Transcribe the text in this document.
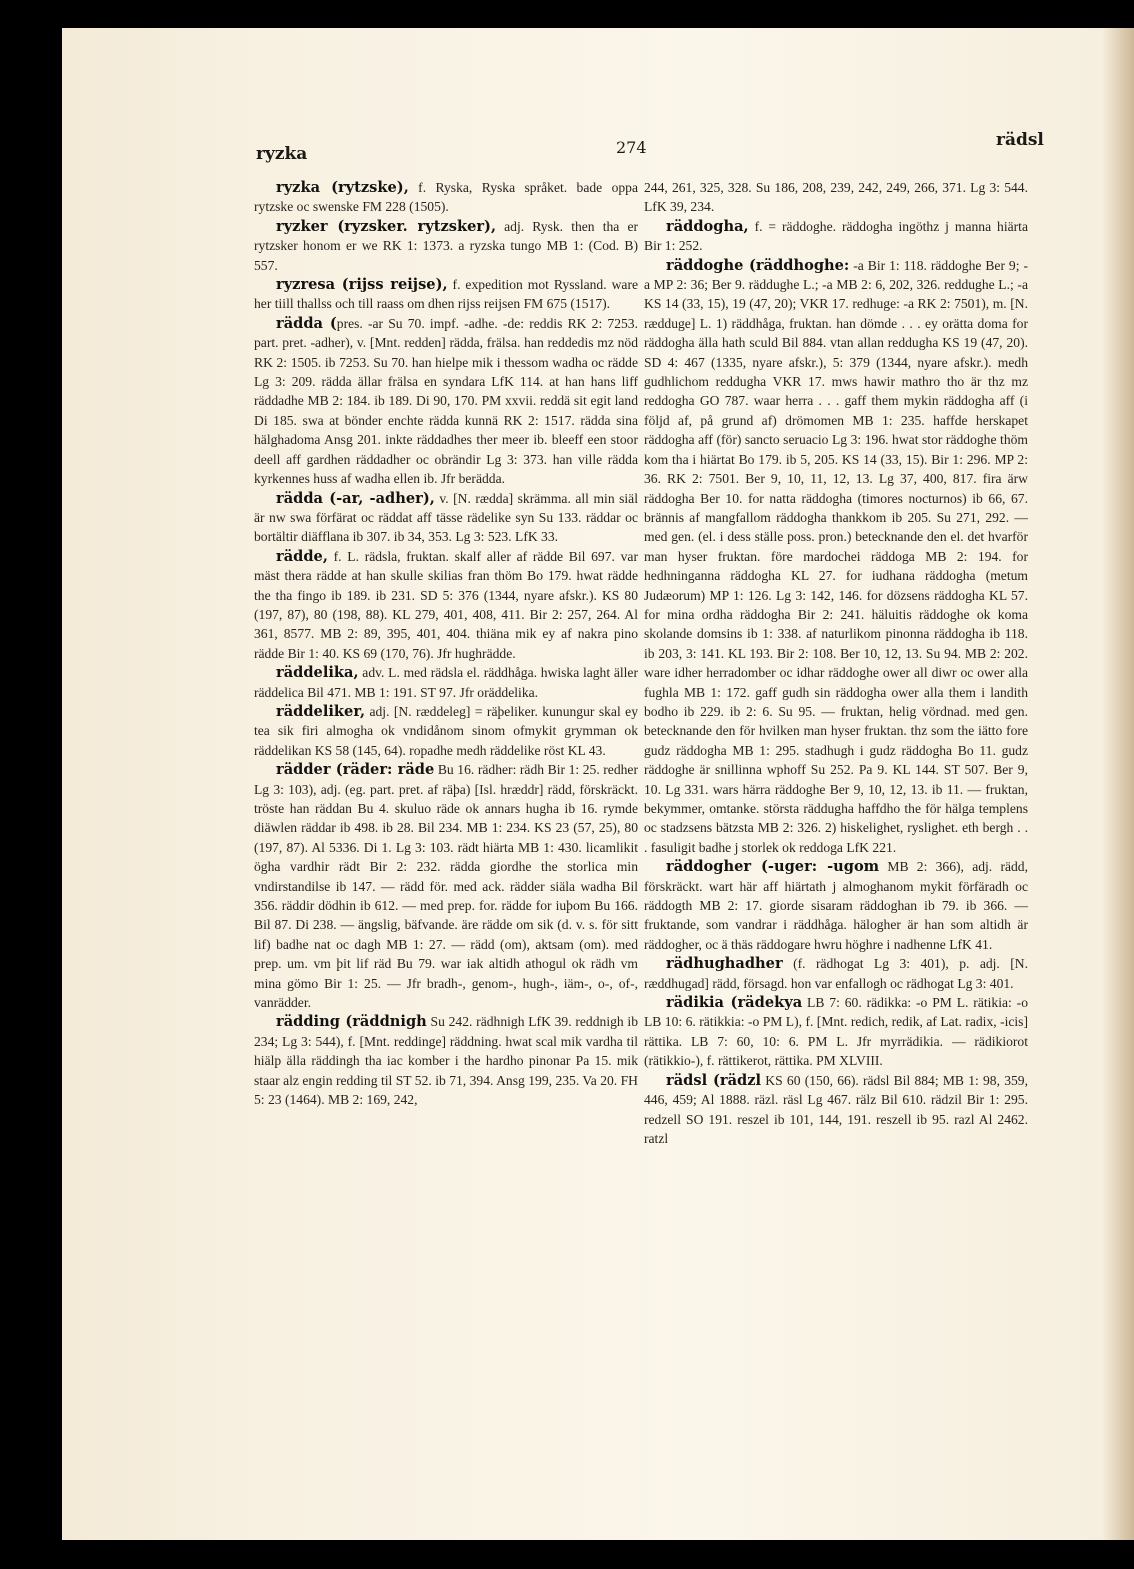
ryzka	274	rädsl

ryzka (rytzske), f. Ryska, Ryska språket. bade oppa rytzske oc swenske FM 228 (1505).

ryzker (ryzsker. rytzsker), adj. Rysk. then tha er rytzsker honom er we RK 1: 1373. a ryzska tungo MB 1: (Cod. B) 557.

ryzresa (rijss reijse), f. expedition mot Ryssland. ware her tiill thallss och till raass om dhen rijss reijsen FM 675 (1517).

rädda (pres. -ar Su 70. impf. -adhe. -de: reddis RK 2: 7253. part. pret. -adher), v. [Mnt. redden] rädda, frälsa. han reddedis mz nöd RK 2: 1505. ib 7253. Su 70. han hielpe mik i thessom wadha oc rädde Lg 3: 209. rädda ällar frälsa en syndara LfK 114. at han hans liff räddadhe MB 2: 184. ib 189. Di 90, 170. PM xxvii. reddä sit egit land Di 185. swa at bönder enchte rädda kunnä RK 2: 1517. rädda sina hälghadoma Ansg 201. inkte räddadhes ther meer ib. bleeff een stoor deell aff gardhen räddadher oc obrändir Lg 3: 373. han ville rädda kyrkennes huss af wadha ellen ib. Jfr berädda.

rädda (-ar, -adher), v. [N. rædda] skrämma. all min siäl är nw swa förfärat oc räddat aff tässe rädelike syn Su 133. räddar oc bortältir diäfflana ib 307. ib 34, 353. Lg 3: 523. LfK 33.

rädde, f. L. rädsla, fruktan. skalf aller af rädde Bil 697. var mäst thera rädde at han skulle skilias fran thöm Bo 179. hwat rädde the tha fingo ib 189. ib 231. SD 5: 376 (1344, nyare afskr.). KS 80 (197, 87), 80 (198, 88). KL 279, 401, 408, 411. Bir 2: 257, 264. Al 361, 8577. MB 2: 89, 395, 401, 404. thiäna mik ey af nakra pino rädde Bir 1: 40. KS 69 (170, 76). Jfr hughrädde.

räddelika, adv. L. med rädsla el. räddhåga. hwiska laght äller räddelica Bil 471. MB 1: 191. ST 97. Jfr oräddelika.

räddeliker, adj. [N. ræddeleg] = räþeliker. kunungur skal ey tea sik firi almogha ok vndidånom sinom ofmykit grymman ok räddelikan KS 58 (145, 64). ropadhe medh räddelike röst KL 43.

rädder (räder: räde Bu 16. rädher: rädh Bir 1: 25. redher Lg 3: 103), adj. (eg. part. pret. af räþa) [Isl. hræddr] rädd, förskräckt. tröste han räddan Bu 4. skuluo räde ok annars hugha ib 16. rymde diäwlen räddar ib 498. ib 28. Bil 234. MB 1: 234. KS 23 (57, 25), 80 (197, 87). Al 5336. Di 1. Lg 3: 103. rädt hiärta MB 1: 430. licamlikit ögha vardhir rädt Bir 2: 232. rädda giordhe the storlica min vndirstandilse ib 147. — rädd för. med ack. rädder siäla wadha Bil 356. räddir dödhin ib 612. — med prep. for. rädde for iuþom Bu 166. Bil 87. Di 238. — ängslig, bäfvande. äre rädde om sik (d. v. s. för sitt lif) badhe nat oc dagh MB 1: 27. — rädd (om), aktsam (om). med prep. um. vm þit lif räd Bu 79. war iak altidh athogul ok rädh vm mina gömo Bir 1: 25. — Jfr bradh-, genom-, hugh-, iäm-, o-, of-, vanrädder.

rädding (räddnigh Su 242. rädhnigh LfK 39. reddnigh ib 234; Lg 3: 544), f. [Mnt. reddinge] räddning. hwat scal mik vardha til hiälp älla räddingh tha iac komber i the hardho pinonar Pa 15. mik staar alz engin redding til ST 52. ib 71, 394. Ansg 199, 235. Va 20. FH 5: 23 (1464). MB 2: 169, 242,

244, 261, 325, 328. Su 186, 208, 239, 242, 249, 266, 371. Lg 3: 544. LfK 39, 234.

räddogha, f. = räddoghe. räddogha ingöthz j manna hiärta Bir 1: 252.

räddoghe (räddhoghe: -a Bir 1: 118. räddoghe Ber 9; -a MP 2: 36; Ber 9. räddughe L.; -a MB 2: 6, 202, 326. reddughe L.; -a KS 14 (33, 15), 19 (47, 20); VKR 17. redhuge: -a RK 2: 7501), m. [N. rædduge] L. 1) räddhåga, fruktan. han dömde . . . ey orätta doma for räddogha älla hath sculd Bil 884. vtan allan reddugha KS 19 (47, 20). SD 4: 467 (1335, nyare afskr.), 5: 379 (1344, nyare afskr.). medh gudhlichom reddugha VKR 17. mws hawir mathro tho är thz mz reddogha GO 787. waar herra . . . gaff them mykin räddogha aff (i följd af, på grund af) drömomen MB 1: 235. haffde herskapet räddogha aff (för) sancto seruacio Lg 3: 196. hwat stor räddoghe thöm kom tha i hiärtat Bo 179. ib 5, 205. KS 14 (33, 15). Bir 1: 296. MP 2: 36. RK 2: 7501. Ber 9, 10, 11, 12, 13. Lg 37, 400, 817. fira ärw räddogha Ber 10. for natta räddogha (timores nocturnos) ib 66, 67. brännis af mangfallom räddogha thankkom ib 205. Su 271, 292. — med gen. (el. i dess ställe poss. pron.) betecknande den el. det hvarför man hyser fruktan. före mardochei räddoga MB 2: 194. for hedhninganna räddogha KL 27. for iudhana räddogha (metum Judæorum) MP 1: 126. Lg 3: 142, 146. for dözsens räddogha KL 57. for mina ordha räddogha Bir 2: 241. häluitis räddoghe ok koma skolande domsins ib 1: 338. af naturlikom pinonna räddogha ib 118. ib 203, 3: 141. KL 193. Bir 2: 108. Ber 10, 12, 13. Su 94. MB 2: 202. ware idher herradomber oc idhar räddoghe ower all diwr oc ower alla fughla MB 1: 172. gaff gudh sin räddogha ower alla them i landith bodho ib 229. ib 2: 6. Su 95. — fruktan, helig vördnad. med gen. betecknande den för hvilken man hyser fruktan. thz som the iätto fore gudz räddogha MB 1: 295. stadhugh i gudz räddogha Bo 11. gudz räddoghe är snillinna wphoff Su 252. Pa 9. KL 144. ST 507. Ber 9, 10. Lg 331. wars härra räddoghe Ber 9, 10, 12, 13. ib 11. — fruktan, bekymmer, omtanke. största räddugha haffdho the för hälga templens oc stadzsens bätzsta MB 2: 326. 2) hiskelighet, ryslighet. eth bergh . . . fasuligit badhe j storlek ok reddoga LfK 221.

räddogher (-uger: -ugom MB 2: 366), adj. rädd, förskräckt. wart här aff hiärtath j almoghanom mykit förfäradh oc räddogth MB 2: 17. giorde sisaram räddoghan ib 79. ib 366. — fruktande, som vandrar i räddhåga. hälogher är han som altidh är räddogher, oc ä thäs räddogare hwru höghre i nadhenne LfK 41.

rädhughadher (f. rädhogat Lg 3: 401), p. adj. [N. ræddhugad] rädd, försagd. hon var enfallogh oc rädhogat Lg 3: 401.

rädikia (rädekya LB 7: 60. rädikka: -o PM L. rätikia: -o LB 10: 6. rätikkia: -o PM L), f. [Mnt. redich, redik, af Lat. radix, -icis] rättika. LB 7: 60, 10: 6. PM L. Jfr myrrädikia. — rädikiorot (rätikkio-), f. rättikerot, rättika. PM XLVIII.

rädsl (rädzl KS 60 (150, 66). rädsl Bil 884; MB 1: 98, 359, 446, 459; Al 1888. räzl. räsl Lg 467. rälz Bil 610. rädzil Bir 1: 295. redzell SO 191. reszel ib 101, 144, 191. reszell ib 95. razl Al 2462. ratzl
